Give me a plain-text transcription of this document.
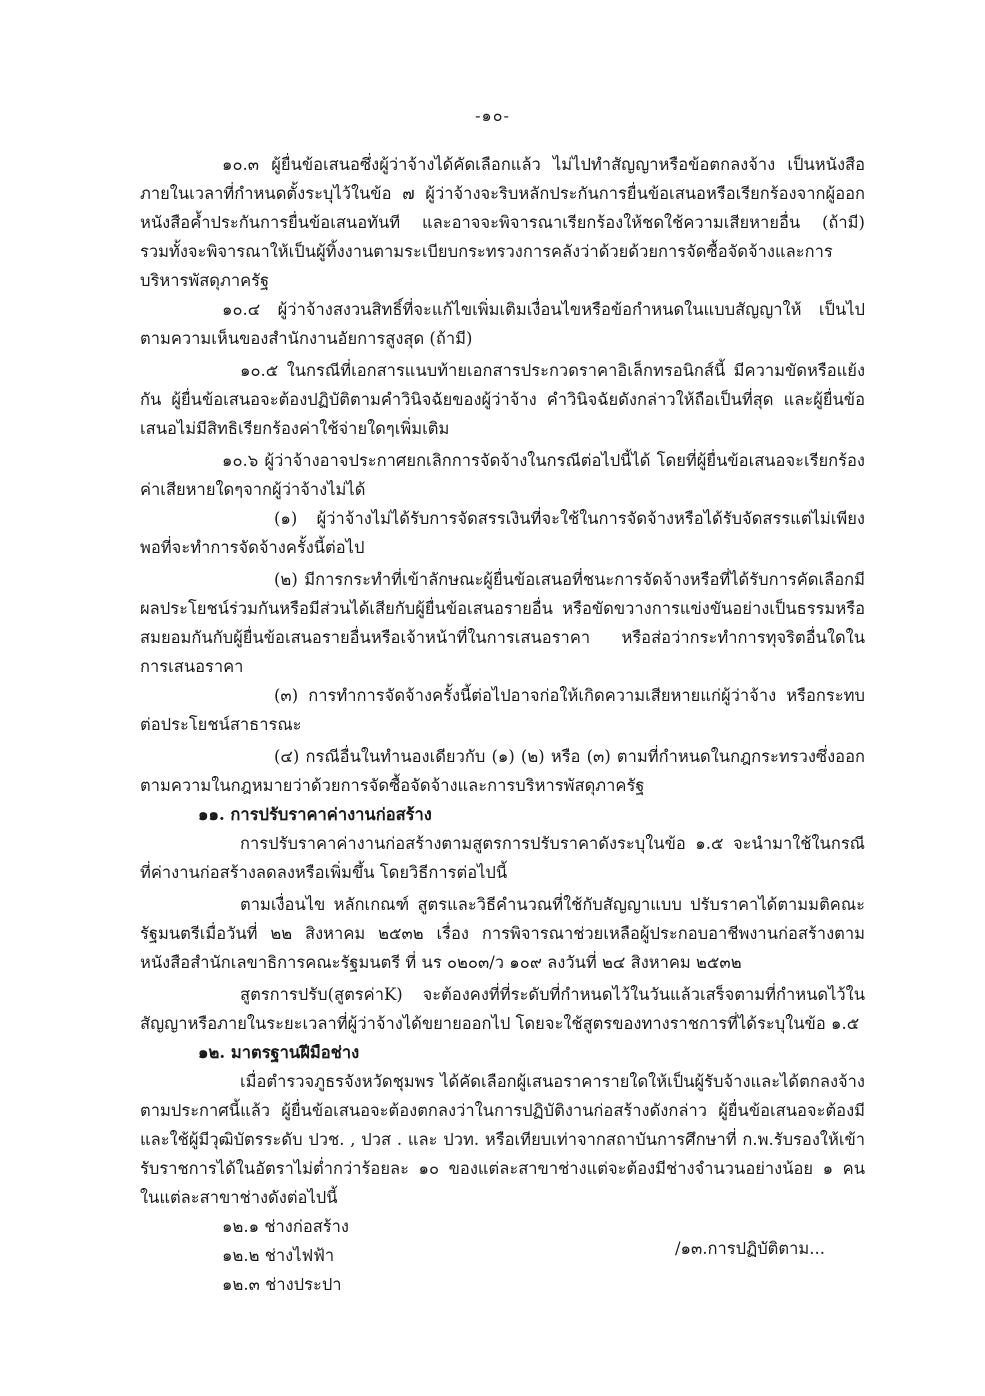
-๑๐-

๑๐.๓ ผู้ยื่นข้อเสนอซึ่งผู้ว่าจ้างได้คัดเลือกแล้ว ไม่ไปทำสัญญาหรือข้อตกลงจ้าง เป็นหนังสือภายในเวลาที่กำหนดตั้งระบุไว้ในข้อ ๗ ผู้ว่าจ้างจะริบหลักประกันการยื่นข้อเสนอหรือเรียกร้องจากผู้ออกหนังสือค้ำประกันการยื่นข้อเสนอทันที และอาจจะพิจารณาเรียกร้องให้ชดใช้ความเสียหายอื่น (ถ้ามี) รวมทั้งจะพิจารณาให้เป็นผู้ทิ้งงานตามระเบียบกระทรวงการคลังว่าด้วยด้วยการจัดซื้อจัดจ้างและการบริหารพัสดุภาครัฐ

๑๐.๔ ผู้ว่าจ้างสงวนสิทธิ์ที่จะแก้ไขเพิ่มเติมเงื่อนไขหรือข้อกำหนดในแบบสัญญาให้ เป็นไปตามความเห็นของสำนักงานอัยการสูงสุด (ถ้ามี)

๑๐.๕ ในกรณีที่เอกสารแนบท้ายเอกสารประกวดราคาอิเล็กทรอนิกส์นี้ มีความขัดหรือแย้งกัน ผู้ยื่นข้อเสนอจะต้องปฏิบัติตามคำวินิจฉัยของผู้ว่าจ้าง คำวินิจฉัยดังกล่าวให้ถือเป็นที่สุด และผู้ยื่นข้อเสนอไม่มีสิทธิเรียกร้องค่าใช้จ่ายใดๆเพิ่มเติม

๑๐.๖ ผู้ว่าจ้างอาจประกาศยกเลิกการจัดจ้างในกรณีต่อไปนี้ได้ โดยที่ผู้ยื่นข้อเสนอจะเรียกร้องค่าเสียหายใดๆจากผู้ว่าจ้างไม่ได้

(๑) ผู้ว่าจ้างไม่ได้รับการจัดสรรเงินที่จะใช้ในการจัดจ้างหรือได้รับจัดสรรแต่ไม่เพียงพอที่จะทำการจัดจ้างครั้งนี้ต่อไป

(๒) มีการกระทำที่เข้าลักษณะผู้ยื่นข้อเสนอที่ชนะการจัดจ้างหรือที่ได้รับการคัดเลือกมีผลประโยชน์ร่วมกันหรือมีส่วนได้เสียกับผู้ยื่นข้อเสนอรายอื่น หรือขัดขวางการแข่งขันอย่างเป็นธรรมหรือสมยอมกันกับผู้ยื่นข้อเสนอรายอื่นหรือเจ้าหน้าที่ในการเสนอราคา หรือส่อว่ากระทำการทุจริตอื่นใดในการเสนอราคา

(๓) การทำการจัดจ้างครั้งนี้ต่อไปอาจก่อให้เกิดความเสียหายแก่ผู้ว่าจ้าง หรือกระทบต่อประโยชน์สาธารณะ

(๔) กรณีอื่นในทำนองเดียวกับ (๑) (๒) หรือ (๓) ตามที่กำหนดในกฎกระทรวงซึ่งออกตามความในกฎหมายว่าด้วยการจัดซื้อจัดจ้างและการบริหารพัสดุภาครัฐ

๑๑. การปรับราคาค่างานก่อสร้าง

การปรับราคาค่างานก่อสร้างตามสูตรการปรับราคาดังระบุในข้อ ๑.๕ จะนำมาใช้ในกรณีที่ค่างานก่อสร้างลดลงหรือเพิ่มขึ้น โดยวิธีการต่อไปนี้

ตามเงื่อนไข หลักเกณฑ์ สูตรและวิธีคำนวณที่ใช้กับสัญญาแบบ ปรับราคาได้ตามมติคณะรัฐมนตรีเมื่อวันที่ ๒๒ สิงหาคม ๒๕๓๒ เรื่อง การพิจารณาช่วยเหลือผู้ประกอบอาชีพงานก่อสร้างตามหนังสือสำนักเลขาธิการคณะรัฐมนตรี ที่ นร ๐๒๐๓/ว ๑๐๙ ลงวันที่ ๒๔ สิงหาคม ๒๕๓๒

สูตรการปรับ(สูตรค่าK) จะต้องคงที่ที่ระดับที่กำหนดไว้ในวันแล้วเสร็จตามที่กำหนดไว้ในสัญญาหรือภายในระยะเวลาที่ผู้ว่าจ้างได้ขยายออกไป โดยจะใช้สูตรของทางราชการที่ได้ระบุในข้อ ๑.๕

๑๒. มาตรฐานฝีมือช่าง

เมื่อตำรวจภูธรจังหวัดชุมพร ได้คัดเลือกผู้เสนอราคารายใดให้เป็นผู้รับจ้างและได้ตกลงจ้างตามประกาศนี้แล้ว ผู้ยื่นข้อเสนอจะต้องตกลงว่าในการปฏิบัติงานก่อสร้างดังกล่าว ผู้ยื่นข้อเสนอจะต้องมีและใช้ผู้มีวุฒิบัตรระดับ ปวช. , ปวส . และ ปวท. หรือเทียบเท่าจากสถาบันการศึกษาที่ ก.พ.รับรองให้เข้ารับราชการได้ในอัตราไม่ต่ำกว่าร้อยละ ๑๐ ของแต่ละสาขาช่างแต่จะต้องมีช่างจำนวนอย่างน้อย ๑ คน ในแต่ละสาขาช่างดังต่อไปนี้

๑๒.๑ ช่างก่อสร้าง

๑๒.๒ ช่างไฟฟ้า

๑๒.๓ ช่างประปา

/๑๓.การปฏิบัติตาม...
